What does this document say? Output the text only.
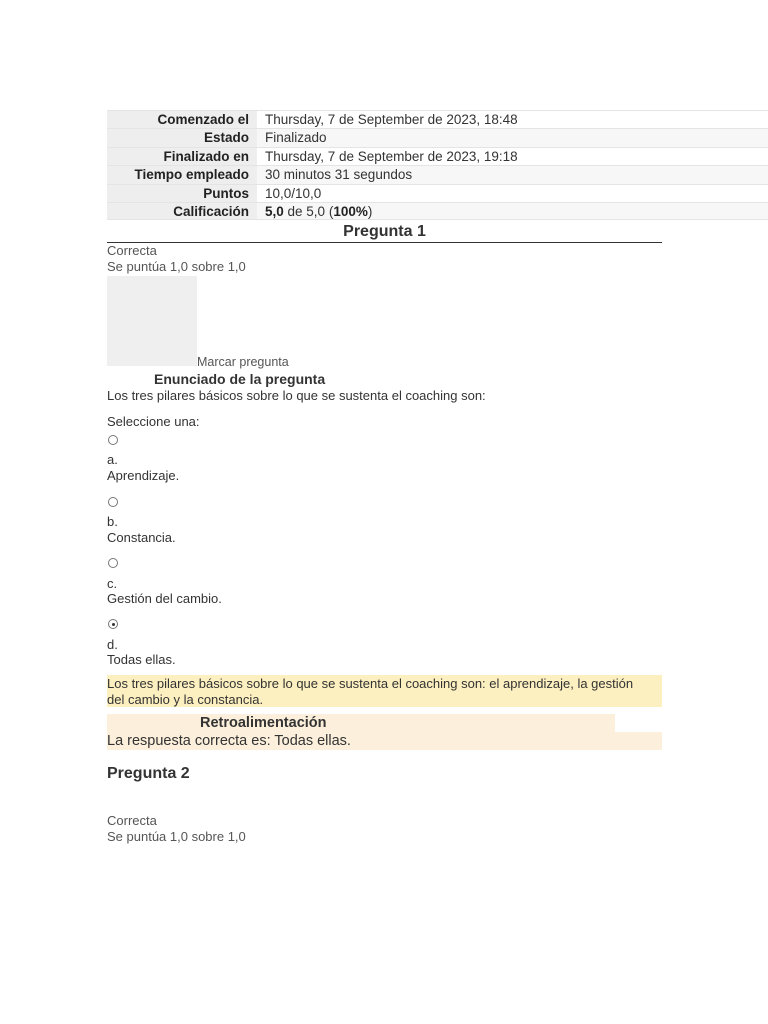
Comenzado el	Thursday, 7 de September de 2023, 18:48
Estado	Finalizado
Finalizado en	Thursday, 7 de September de 2023, 19:18
Tiempo empleado	30 minutos 31 segundos
Puntos	10,0/10,0
Calificación	5,0 de 5,0 (100%)
Pregunta 1
Correcta
Se puntúa 1,0 sobre 1,0
Marcar pregunta
Enunciado de la pregunta
Los tres pilares básicos sobre lo que se sustenta el coaching son:
Seleccione una:
a.
Aprendizaje.
b.
Constancia.
c.
Gestión del cambio.
d.
Todas ellas.
Los tres pilares básicos sobre lo que se sustenta el coaching son: el aprendizaje, la gestión
del cambio y la constancia.
Retroalimentación
La respuesta correcta es: Todas ellas.
Pregunta 2
Correcta
Se puntúa 1,0 sobre 1,0
